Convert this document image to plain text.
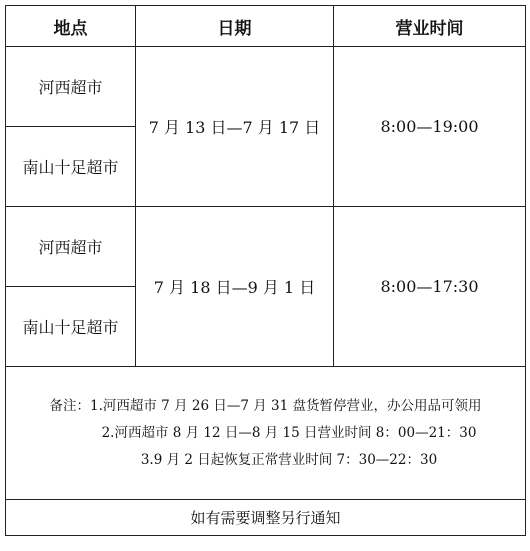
地点	日期	营业时间
河西超市	7 月 13 日—7 月 17 日	8:00—19:00
南山十足超市		
河西超市	7 月 18 日—9 月 1 日	8:00—17:30
南山十足超市		

备注：1.河西超市 7 月 26 日—7 月 31 盘货暂停营业，办公用品可领用
2.河西超市 8 月 12 日—8 月 15 日营业时间 8：00—21：30
3.9 月 2 日起恢复正常营业时间 7：30—22：30		

如有需要调整另行通知		
